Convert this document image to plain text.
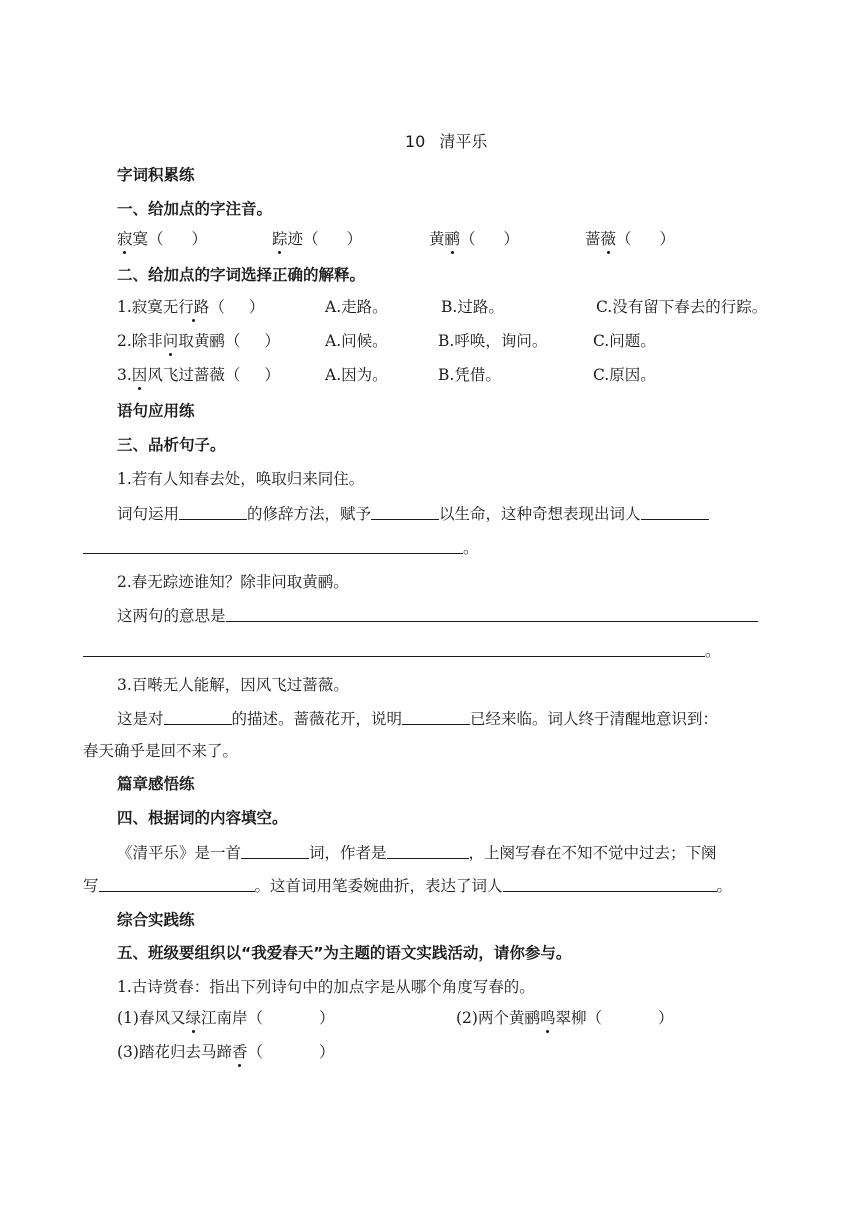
10 清平乐
字词积累练
一、给加点的字注音。
寂寞（ ）	踪迹（ ）	黄鹂（ ）	蔷薇（ ）
二、给加点的字词选择正确的解释。
1.寂寞无行路（ ）	A.走路。	B.过路。	C.没有留下春去的行踪。
2.除非问取黄鹂（ ）	A.问候。	B.呼唤，询问。	C.问题。
3.因风飞过蔷薇（ ）	A.因为。	B.凭借。	C.原因。
语句应用练
三、品析句子。
1.若有人知春去处，唤取归来同住。
词句运用	的修辞方法，赋予	以生命，这种奇想表现出词人
。
2.春无踪迹谁知？除非问取黄鹂。
这两句的意思是
。
3.百啭无人能解，因风飞过蔷薇。
这是对	的描述。蔷薇花开，说明	已经来临。词人终于清醒地意识到：
春天确乎是回不来了。
篇章感悟练
四、根据词的内容填空。
《清平乐》是一首	词，作者是	，上阕写春在不知不觉中过去；下阕
写	。这首词用笔委婉曲折，表达了词人	。
综合实践练
五、班级要组织以“我爱春天”为主题的语文实践活动，请你参与。
1.古诗赏春：指出下列诗句中的加点字是从哪个角度写春的。
(1)春风又绿江南岸（	）	(2)两个黄鹂鸣翠柳（	）
(3)踏花归去马蹄香（	）
